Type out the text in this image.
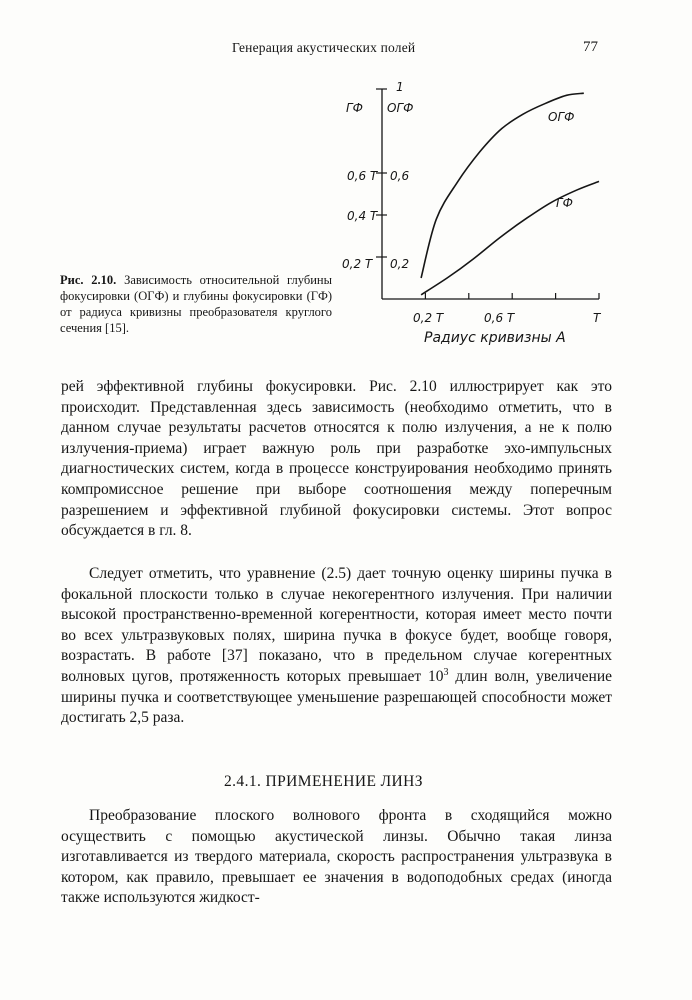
Генерация акустических полей	77
ГФ ОГФ
1
0,6 T 0,6
0,4 T
0,2 T 0,2
0,2 T	0,6 T	T
Радиус кривизны А
ОГФ
ГФ
Рис. 2.10. Зависимость относительной глубины фокусировки (ОГФ) и глубины фокусировки (ГФ) от радиуса кривизны преобразователя круглого сечения [15].
рей эффективной глубины фокусировки. Рис. 2.10 иллюстрирует как это происходит. Представленная здесь зависимость (необходимо отметить, что в данном случае результаты расчетов относятся к полю излучения, а не к полю излучения-приема) играет важную роль при разработке эхо-импульсных диагностических систем, когда в процессе конструирования необходимо принять компромиссное решение при выборе соотношения между поперечным разрешением и эффективной глубиной фокусировки системы. Этот вопрос обсуждается в гл. 8.
Следует отметить, что уравнение (2.5) дает точную оценку ширины пучка в фокальной плоскости только в случае некогерентного излучения. При наличии высокой пространственно-временной когерентности, которая имеет место почти во всех ультразвуковых полях, ширина пучка в фокусе будет, вообще говоря, возрастать. В работе [37] показано, что в предельном случае когерентных волновых цугов, протяженность которых превышает $10^3$ длин волн, увеличение ширины пучка и соответствующее уменьшение разрешающей способности может достигать 2,5 раза.
2.4.1. ПРИМЕНЕНИЕ ЛИНЗ
Преобразование плоского волнового фронта в сходящийся можно осуществить с помощью акустической линзы. Обычно такая линза изготавливается из твердого материала, скорость распространения ультразвука в котором, как правило, превышает ее значения в водоподобных средах (иногда также используются жидкост-
